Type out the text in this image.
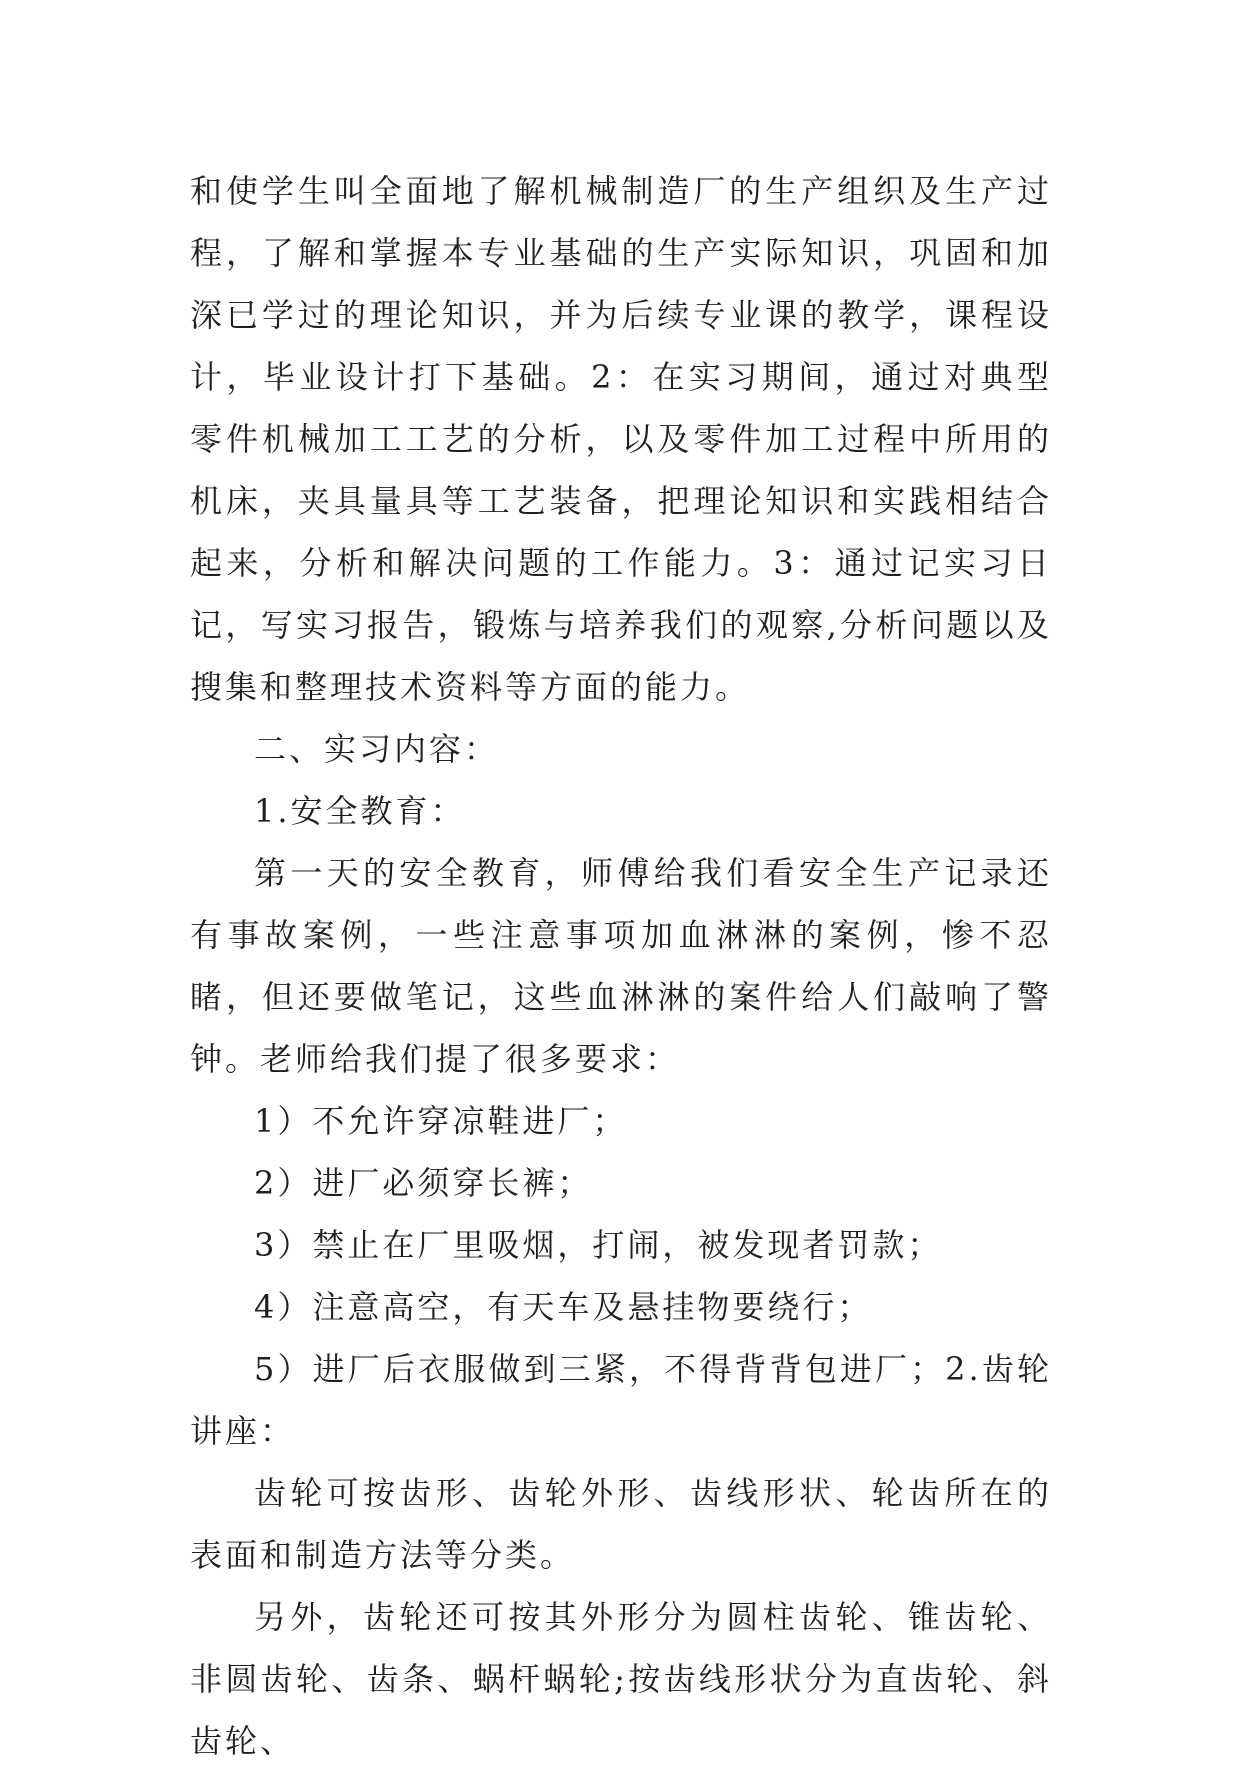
和使学生叫全面地了解机械制造厂的生产组织及生产过程，了解和掌握本专业基础的生产实际知识，巩固和加深已学过的理论知识，并为后续专业课的教学，课程设计，毕业设计打下基础。2：在实习期间，通过对典型零件机械加工工艺的分析，以及零件加工过程中所用的机床，夹具量具等工艺装备，把理论知识和实践相结合起来，分析和解决问题的工作能力。3：通过记实习日记，写实习报告，锻炼与培养我们的观察,分析问题以及搜集和整理技术资料等方面的能力。

二、实习内容：

1.安全教育：

第一天的安全教育，师傅给我们看安全生产记录还有事故案例，一些注意事项加血淋淋的案例，惨不忍睹，但还要做笔记，这些血淋淋的案件给人们敲响了警钟。老师给我们提了很多要求：

1）不允许穿凉鞋进厂；

2）进厂必须穿长裤；

3）禁止在厂里吸烟，打闹，被发现者罚款；

4）注意高空，有天车及悬挂物要绕行；

5）进厂后衣服做到三紧，不得背背包进厂；2.齿轮讲座：

齿轮可按齿形、齿轮外形、齿线形状、轮齿所在的表面和制造方法等分类。

另外，齿轮还可按其外形分为圆柱齿轮、锥齿轮、非圆齿轮、齿条、蜗杆蜗轮;按齿线形状分为直齿轮、斜齿轮、
